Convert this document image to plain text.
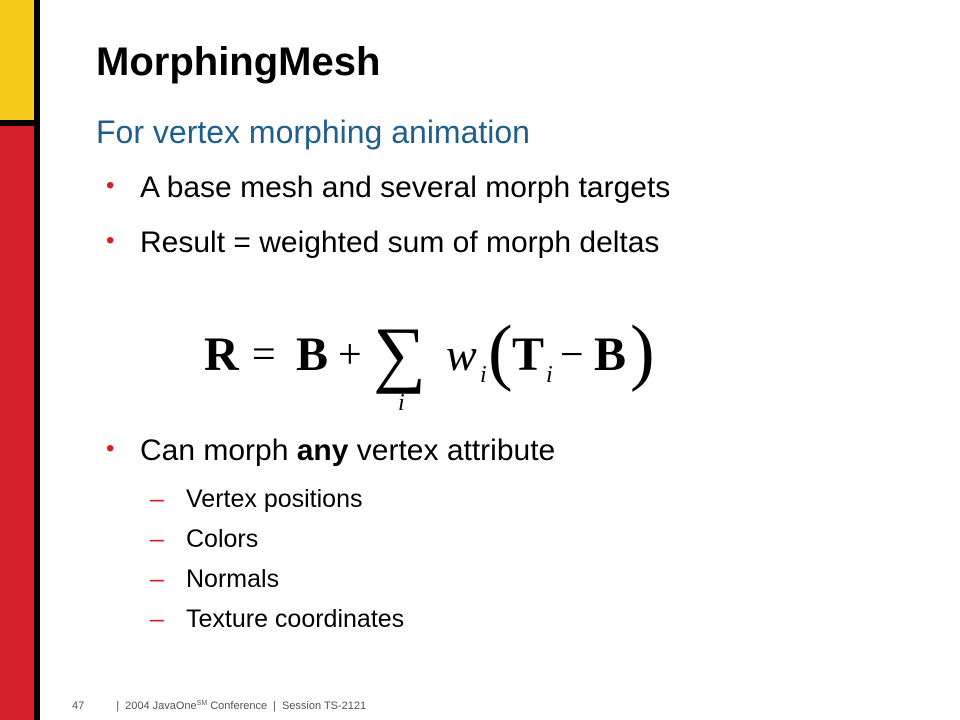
MorphingMesh
For vertex morphing animation
• A base mesh and several morph targets
• Result = weighted sum of morph deltas
R = B + ∑
i
w i ( T i − B )
• Can morph any vertex attribute
– Vertex positions
– Colors
– Normals
– Texture coordinates
47	| 2004 JavaOne℠ Conference | Session TS-2121
